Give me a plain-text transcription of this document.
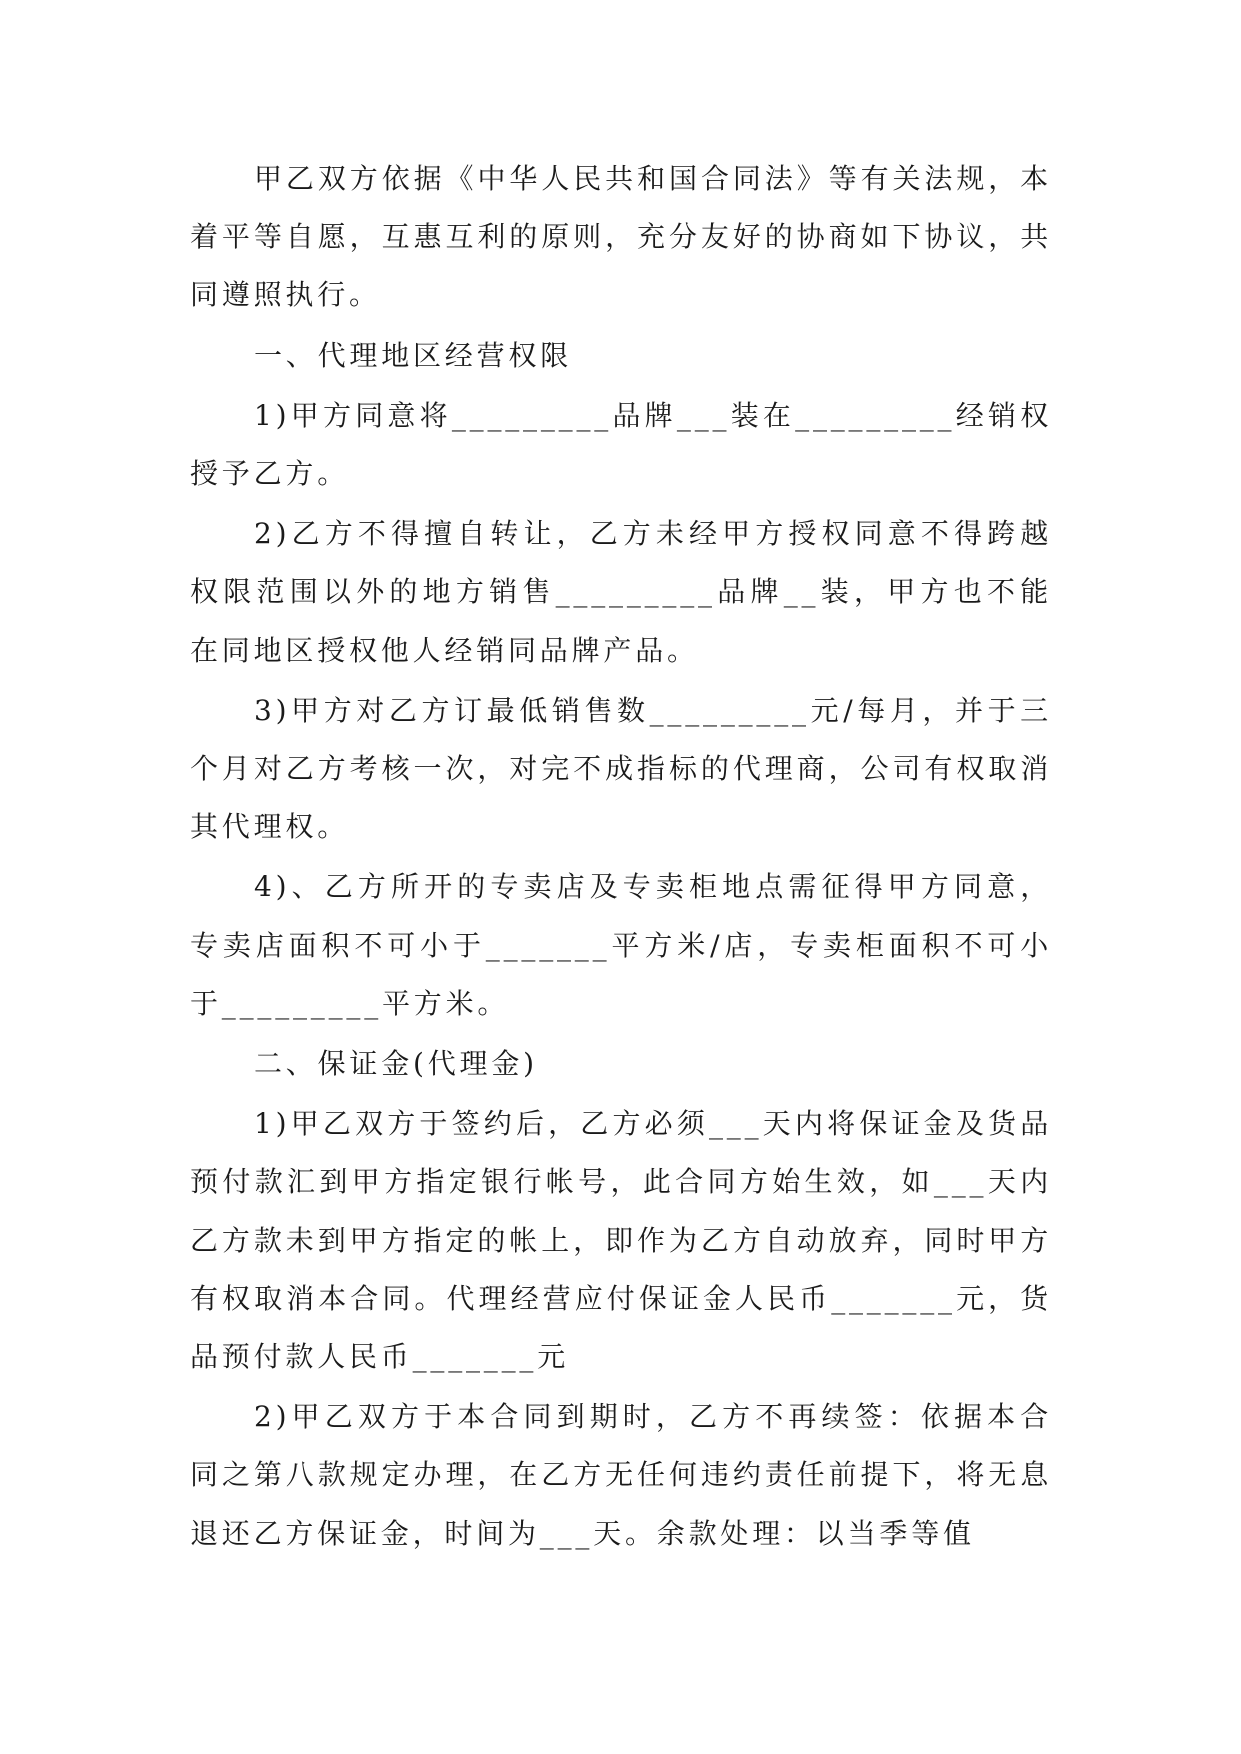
甲乙双方依据《中华人民共和国合同法》等有关法规，本着平等自愿，互惠互利的原则，充分友好的协商如下协议，共同遵照执行。

一、代理地区经营权限

1)甲方同意将_________品牌___装在_________经销权授予乙方。

2)乙方不得擅自转让，乙方未经甲方授权同意不得跨越权限范围以外的地方销售_________品牌__装，甲方也不能在同地区授权他人经销同品牌产品。

3)甲方对乙方订最低销售数_________元/每月，并于三个月对乙方考核一次，对完不成指标的代理商，公司有权取消其代理权。

4)、乙方所开的专卖店及专卖柜地点需征得甲方同意，专卖店面积不可小于_______平方米/店，专卖柜面积不可小于_________平方米。

二、保证金(代理金)

1)甲乙双方于签约后，乙方必须___天内将保证金及货品预付款汇到甲方指定银行帐号，此合同方始生效，如___天内乙方款未到甲方指定的帐上，即作为乙方自动放弃，同时甲方有权取消本合同。代理经营应付保证金人民币_______元，货品预付款人民币_______元

2)甲乙双方于本合同到期时，乙方不再续签：依据本合同之第八款规定办理，在乙方无任何违约责任前提下，将无息退还乙方保证金，时间为___天。余款处理：以当季等值
